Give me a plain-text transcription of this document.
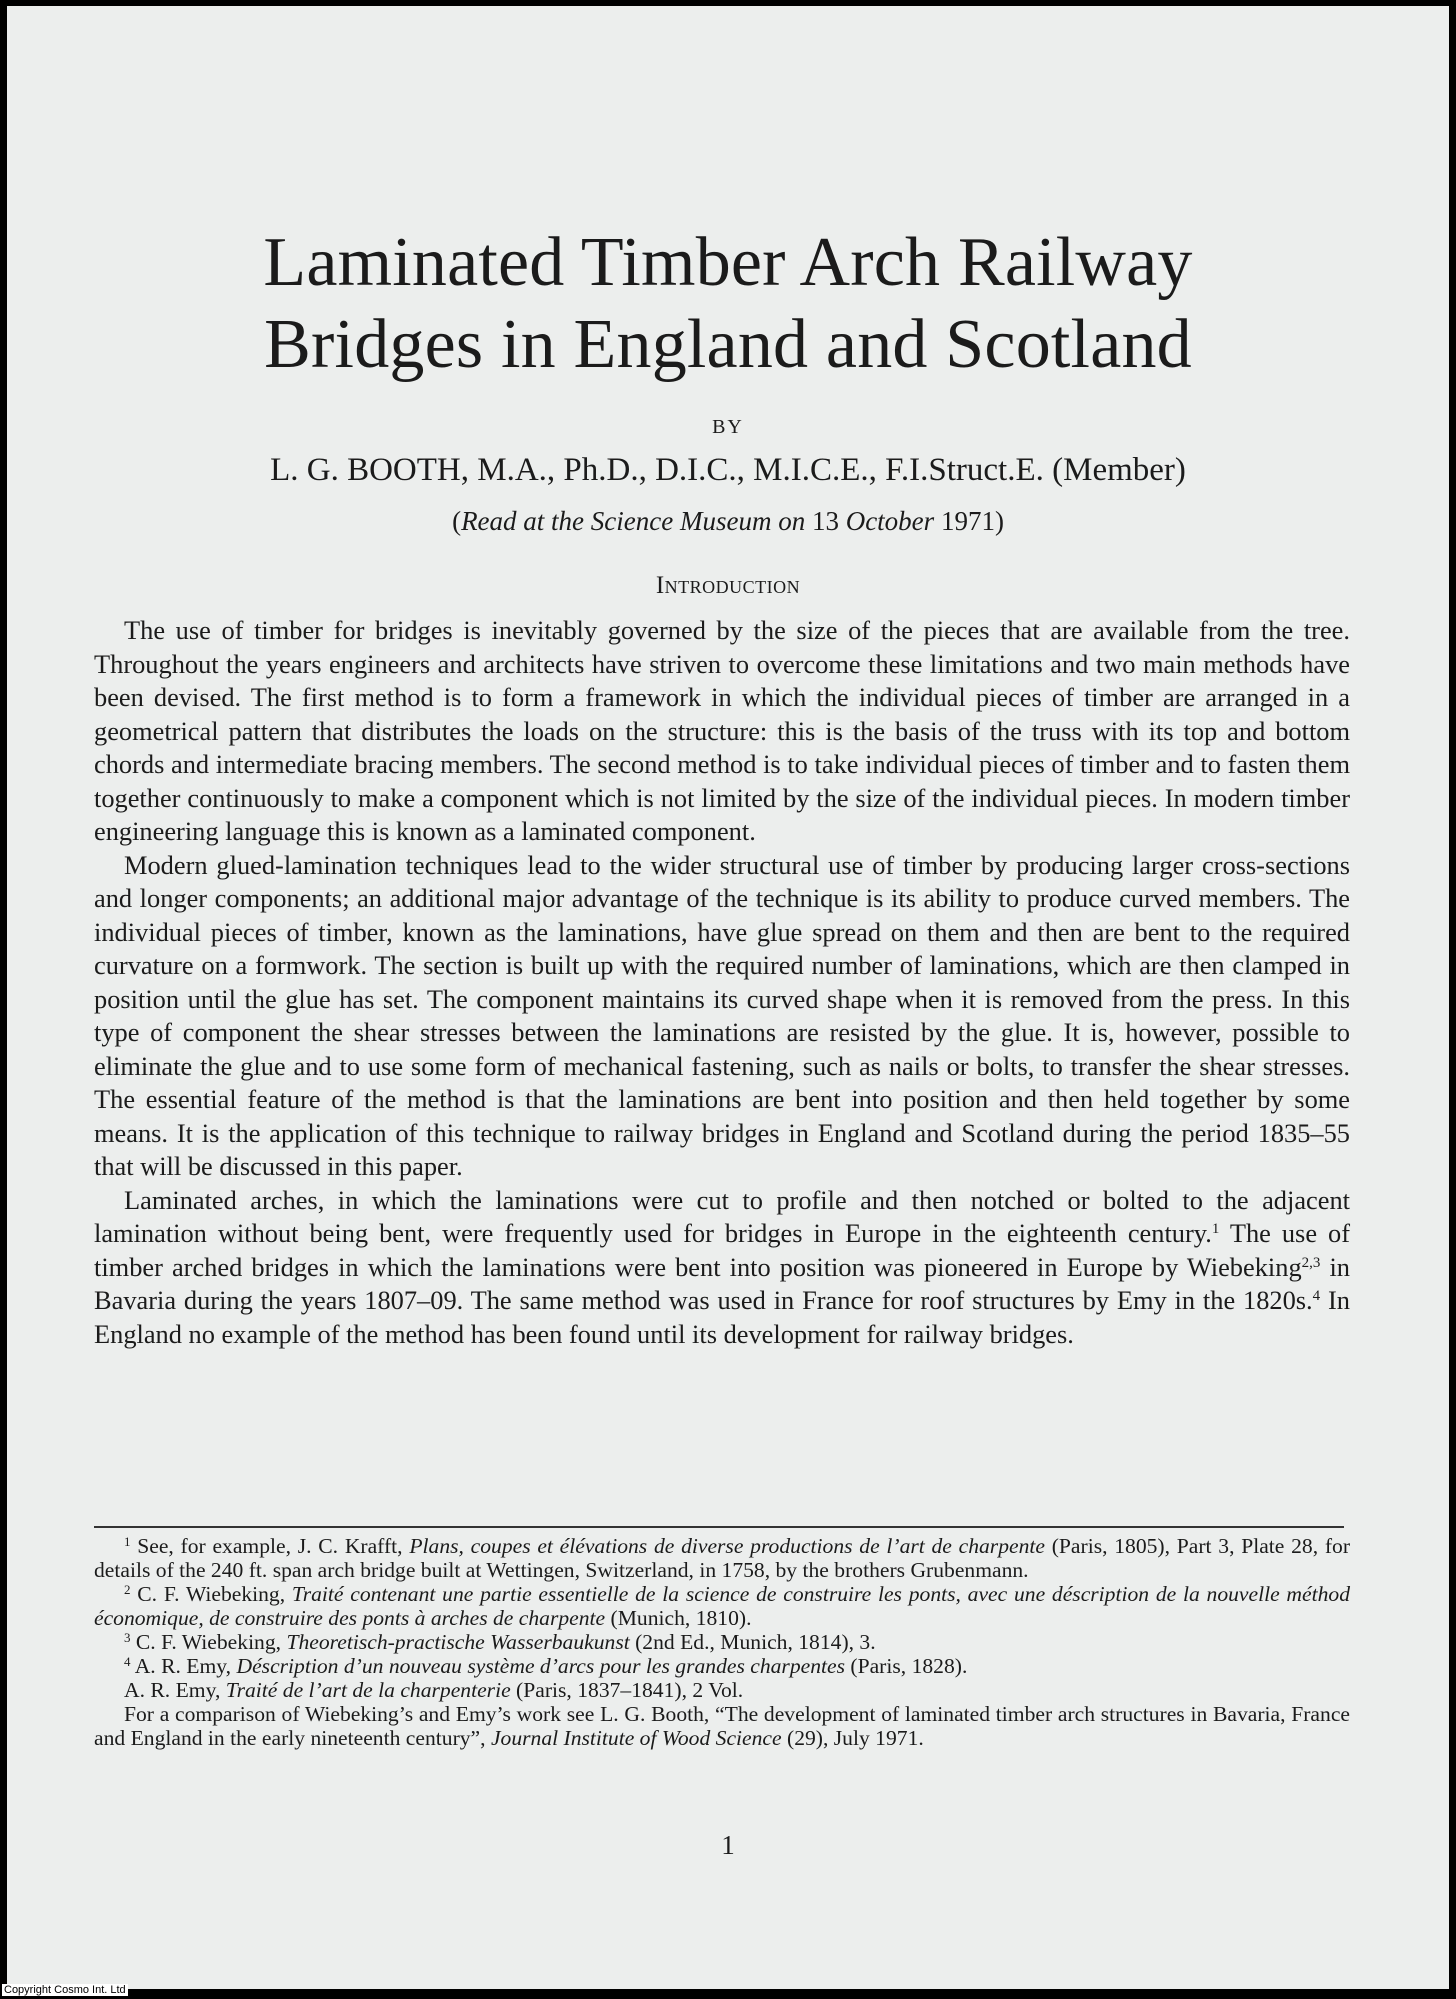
Laminated Timber Arch Railway
Bridges in England and Scotland
BY
L. G. BOOTH, M.A., Ph.D., D.I.C., M.I.C.E., F.I.Struct.E. (Member)
(Read at the Science Museum on 13 October 1971)
Introduction

The use of timber for bridges is inevitably governed by the size of the pieces that are available from the tree. Throughout the years engineers and architects have striven to overcome these limitations and two main methods have been devised. The first method is to form a framework in which the individual pieces of timber are arranged in a geometrical pattern that distributes the loads on the structure: this is the basis of the truss with its top and bottom chords and intermediate bracing members. The second method is to take individual pieces of timber and to fasten them together continuously to make a component which is not limited by the size of the individual pieces. In modern timber engineering language this is known as a laminated component.

Modern glued-lamination techniques lead to the wider structural use of timber by producing larger cross-sections and longer components; an additional major advantage of the technique is its ability to produce curved members. The individual pieces of timber, known as the laminations, have glue spread on them and then are bent to the required curvature on a formwork. The section is built up with the required number of laminations, which are then clamped in position until the glue has set. The component maintains its curved shape when it is removed from the press. In this type of component the shear stresses between the laminations are resisted by the glue. It is, however, possible to eliminate the glue and to use some form of mechanical fastening, such as nails or bolts, to transfer the shear stresses. The essential feature of the method is that the laminations are bent into position and then held together by some means. It is the application of this technique to railway bridges in England and Scotland during the period 1835–55 that will be discussed in this paper.

Laminated arches, in which the laminations were cut to profile and then notched or bolted to the adjacent lamination without being bent, were frequently used for bridges in Europe in the eighteenth century.$^1$ The use of timber arched bridges in which the laminations were bent into position was pioneered in Europe by Wiebeking$^{2,3}$ in Bavaria during the years 1807–09. The same method was used in France for roof structures by Emy in the 1820s.$^4$ In England no example of the method has been found until its development for railway bridges.

$^1$ See, for example, J. C. Krafft, Plans, coupes et élévations de diverse productions de l’art de charpente (Paris, 1805), Part 3, Plate 28, for details of the 240 ft. span arch bridge built at Wettingen, Switzerland, in 1758, by the brothers Grubenmann.

$^2$ C. F. Wiebeking, Traité contenant une partie essentielle de la science de construire les ponts, avec une déscription de la nouvelle méthod économique, de construire des ponts à arches de charpente (Munich, 1810).

$^3$ C. F. Wiebeking, Theoretisch-practische Wasserbaukunst (2nd Ed., Munich, 1814), 3.

$^4$ A. R. Emy, Déscription d’un nouveau système d’arcs pour les grandes charpentes (Paris, 1828).

A. R. Emy, Traité de l’art de la charpenterie (Paris, 1837–1841), 2 Vol.

For a comparison of Wiebeking’s and Emy’s work see L. G. Booth, “The development of laminated timber arch structures in Bavaria, France and England in the early nineteenth century”, Journal Institute of Wood Science (29), July 1971.

1
Copyright Cosmo Int. Ltd
